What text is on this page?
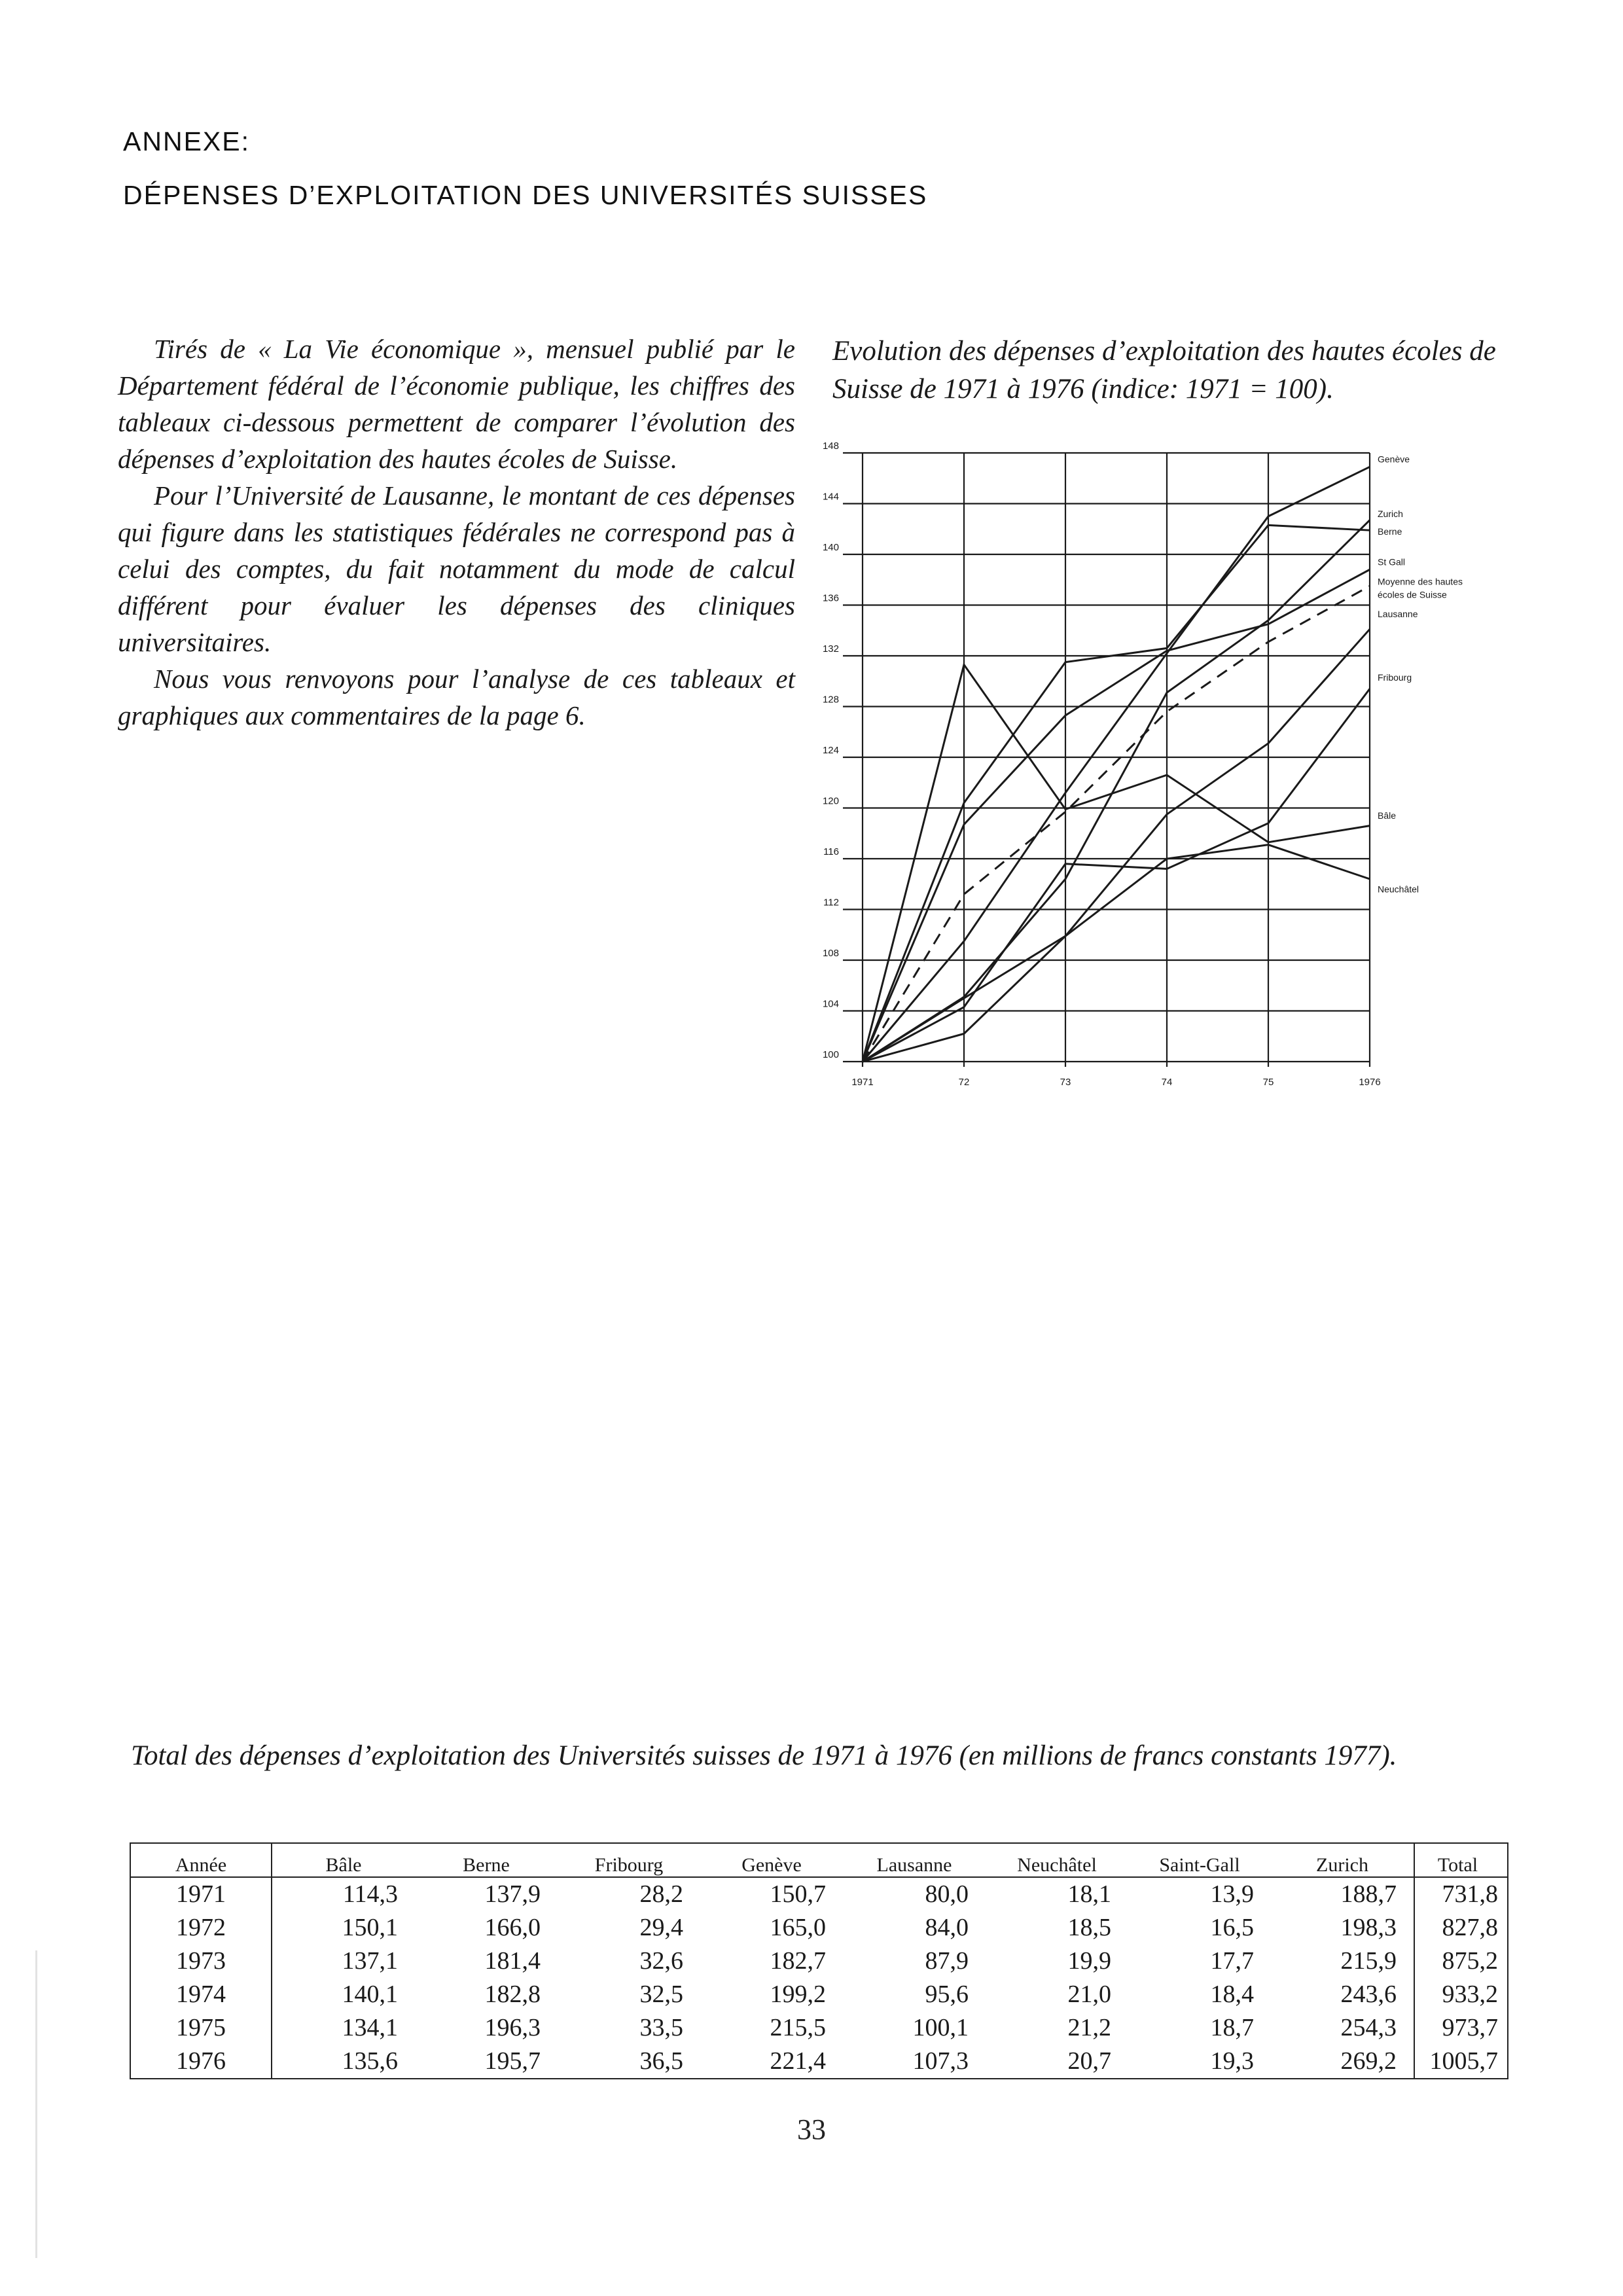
ANNEXE:
DÉPENSES D’EXPLOITATION DES UNIVERSITÉS SUISSES

Tirés de « La Vie économique », mensuel publié par le Département fédéral de l’économie publique, les chiffres des tableaux ci-dessous permettent de comparer l’évolution des dépenses d’exploitation des hautes écoles de Suisse.

Pour l’Université de Lausanne, le montant de ces dépenses qui figure dans les statistiques fédérales ne correspond pas à celui des comptes, du fait notamment du mode de calcul différent pour évaluer les dépenses des cliniques universitaires.

Nous vous renvoyons pour l’analyse de ces tableaux et graphiques aux commentaires de la page 6.

Evolution des dépenses d’exploitation des hautes écoles de Suisse de 1971 à 1976 (indice: 1971 = 100).
100
104
108
112
116
120
124
128
132
136
140
144
148
1971	72	73	74	75	1976
Genève
Zurich
Berne
St Gall
Moyenne des hautes
écoles de Suisse
Lausanne
Fribourg
Bâle
Neuchâtel
Total des dépenses d’exploitation des Universités suisses de 1971 à 1976 (en millions de francs constants 1977).
Année	Bâle	Berne	Fribourg	Genève	Lausanne	Neuchâtel	Saint-Gall	Zurich	Total
1971	114,3	137,9	28,2	150,7	80,0	18,1	13,9	188,7	731,8
1972	150,1	166,0	29,4	165,0	84,0	18,5	16,5	198,3	827,8
1973	137,1	181,4	32,6	182,7	87,9	19,9	17,7	215,9	875,2
1974	140,1	182,8	32,5	199,2	95,6	21,0	18,4	243,6	933,2
1975	134,1	196,3	33,5	215,5	100,1	21,2	18,7	254,3	973,7
1976	135,6	195,7	36,5	221,4	107,3	20,7	19,3	269,2	1005,7
33
